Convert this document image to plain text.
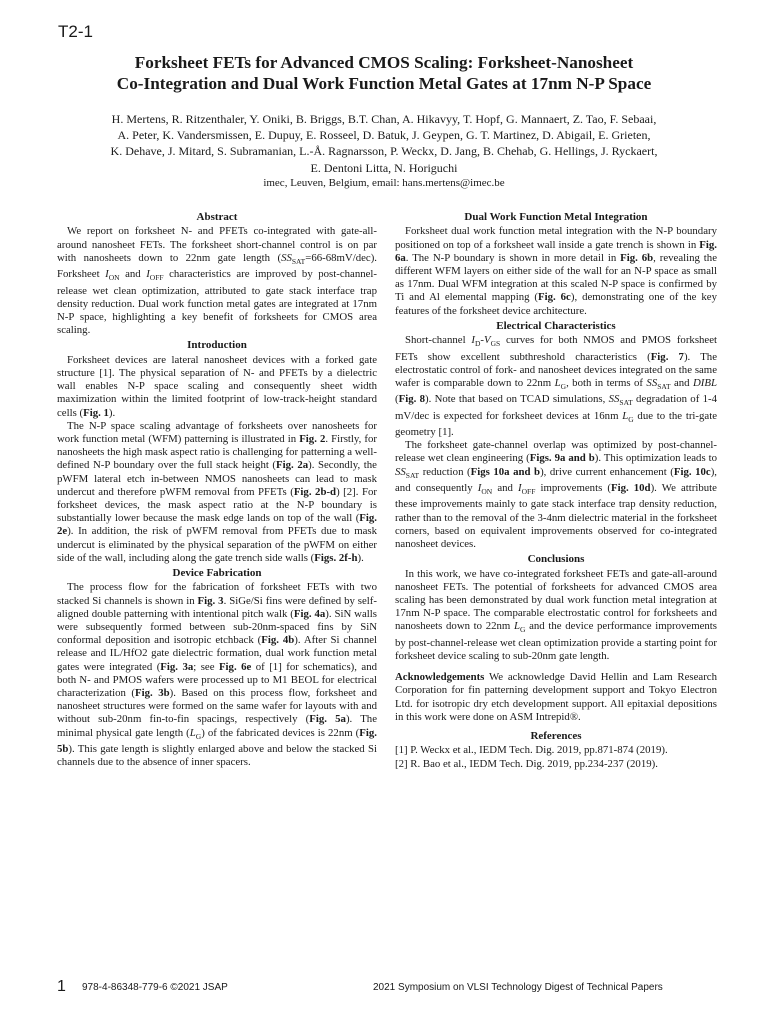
T2-1
Forksheet FETs for Advanced CMOS Scaling: Forksheet-Nanosheet
Co-Integration and Dual Work Function Metal Gates at 17nm N-P Space
H. Mertens, R. Ritzenthaler, Y. Oniki, B. Briggs, B.T. Chan, A. Hikavyy, T. Hopf, G. Mannaert, Z. Tao, F. Sebaai,
A. Peter, K. Vandersmissen, E. Dupuy, E. Rosseel, D. Batuk, J. Geypen, G. T. Martinez, D. Abigail, E. Grieten,
K. Dehave, J. Mitard, S. Subramanian, L.-Å. Ragnarsson, P. Weckx, D. Jang, B. Chehab, G. Hellings, J. Ryckaert,
E. Dentoni Litta, N. Horiguchi
imec, Leuven, Belgium, email: hans.mertens@imec.be
Abstract

We report on forksheet N- and PFETs co-integrated with gate-all-around nanosheet FETs. The forksheet short-channel control is on par with nanosheets down to 22nm gate length $(SS_{SAT}=66-68mV/dec)$. Forksheet $I_{ON}$ and $I_{OFF}$ characteristics are improved by post-channel-release wet clean optimization, attributed to gate stack interface trap density reduction. Dual work function metal gates are integrated at 17nm N-P space, highlighting a key benefit of forksheets for CMOS area scaling.

Introduction

Forksheet devices are lateral nanosheet devices with a forked gate structure [1]. The physical separation of N- and PFETs by a dielectric wall enables N-P space scaling and consequently sheet width maximization within the limited footprint of low-track-height standard cells (Fig. 1).

The N-P space scaling advantage of forksheets over nanosheets for work function metal (WFM) patterning is illustrated in Fig. 2. Firstly, for nanosheets the high mask aspect ratio is challenging for patterning a well-defined N-P boundary over the full stack height (Fig. 2a). Secondly, the pWFM lateral etch in-between NMOS nanosheets can lead to mask undercut and therefore pWFM removal from PFETs (Fig. 2b-d) [2]. For forksheet devices, the mask aspect ratio at the N-P boundary is substantially lower because the mask edge lands on top of the wall (Fig. 2e). In addition, the risk of pWFM removal from PFETs due to mask undercut is eliminated by the physical separation of the pWFM on either side of the wall, including along the gate trench side walls (Figs. 2f-h).

Device Fabrication

The process flow for the fabrication of forksheet FETs with two stacked Si channels is shown in Fig. 3. SiGe/Si fins were defined by self-aligned double patterning with intentional pitch walk (Fig. 4a). SiN walls were subsequently formed between sub-20nm-spaced fins by SiN conformal deposition and isotropic etchback (Fig. 4b). After Si channel release and IL/HfO2 gate dielectric formation, dual work function metal gates were integrated (Fig. 3a; see Fig. 6e of [1] for schematics), and both N- and PMOS wafers were processed up to M1 BEOL for electrical characterization (Fig. 3b). Based on this process flow, forksheet and nanosheet structures were formed on the same wafer for layouts with and without sub-20nm fin-to-fin spacings, respectively (Fig. 5a). The minimal physical gate length $(L_G)$ of the fabricated devices is 22nm (Fig. 5b). This gate length is slightly enlarged above and below the stacked Si channels due to the absence of inner spacers.

Dual Work Function Metal Integration

Forksheet dual work function metal integration with the N-P boundary positioned on top of a forksheet wall inside a gate trench is shown in Fig. 6a. The N-P boundary is shown in more detail in Fig. 6b, revealing the different WFM layers on either side of the wall for an N-P space as small as 17nm. Dual WFM integration at this scaled N-P space is confirmed by Ti and Al elemental mapping (Fig. 6c), demonstrating one of the key features of the forksheet device architecture.

Electrical Characteristics

Short-channel $I_D-V_{GS}$ curves for both NMOS and PMOS forksheet FETs show excellent subthreshold characteristics (Fig. 7). The electrostatic control of fork- and nanosheet devices integrated on the same wafer is comparable down to 22nm $L_G$, both in terms of $SS_{SAT}$ and DIBL (Fig. 8). Note that based on TCAD simulations, $SS_{SAT}$ degradation of 1-4 mV/dec is expected for forksheet devices at 16nm $L_G$ due to the tri-gate geometry [1].

The forksheet gate-channel overlap was optimized by post-channel-release wet clean engineering (Figs. 9a and b). This optimization leads to $SS_{SAT}$ reduction (Figs 10a and b), drive current enhancement (Fig. 10c), and consequently $I_{ON}$ and $I_{OFF}$ improvements (Fig. 10d). We attribute these improvements mainly to gate stack interface trap density reduction, rather than to the removal of the 3-4nm dielectric material in the forksheet corners, based on equivalent improvements observed for co-integrated nanosheet devices.

Conclusions

In this work, we have co-integrated forksheet FETs and gate-all-around nanosheet FETs. The potential of forksheets for advanced CMOS area scaling has been demonstrated by dual work function metal integration at 17nm N-P space. The comparable electrostatic control for forksheets and nanosheets down to 22nm $L_G$ and the device performance improvements by post-channel-release wet clean optimization provide a starting point for forksheet device scaling to sub-20nm gate length.

Acknowledgements We acknowledge David Hellin and Lam Research Corporation for fin patterning development support and Tokyo Electron Ltd. for isotropic dry etch development support. All epitaxial depositions in this work were done on ASM Intrepid®.

References
[1] P. Weckx et al., IEDM Tech. Dig. 2019, pp.871-874 (2019).
[2] R. Bao et al., IEDM Tech. Dig. 2019, pp.234-237 (2019).
1 978-4-86348-779-6 ©2021 JSAP	2021 Symposium on VLSI Technology Digest of Technical Papers
